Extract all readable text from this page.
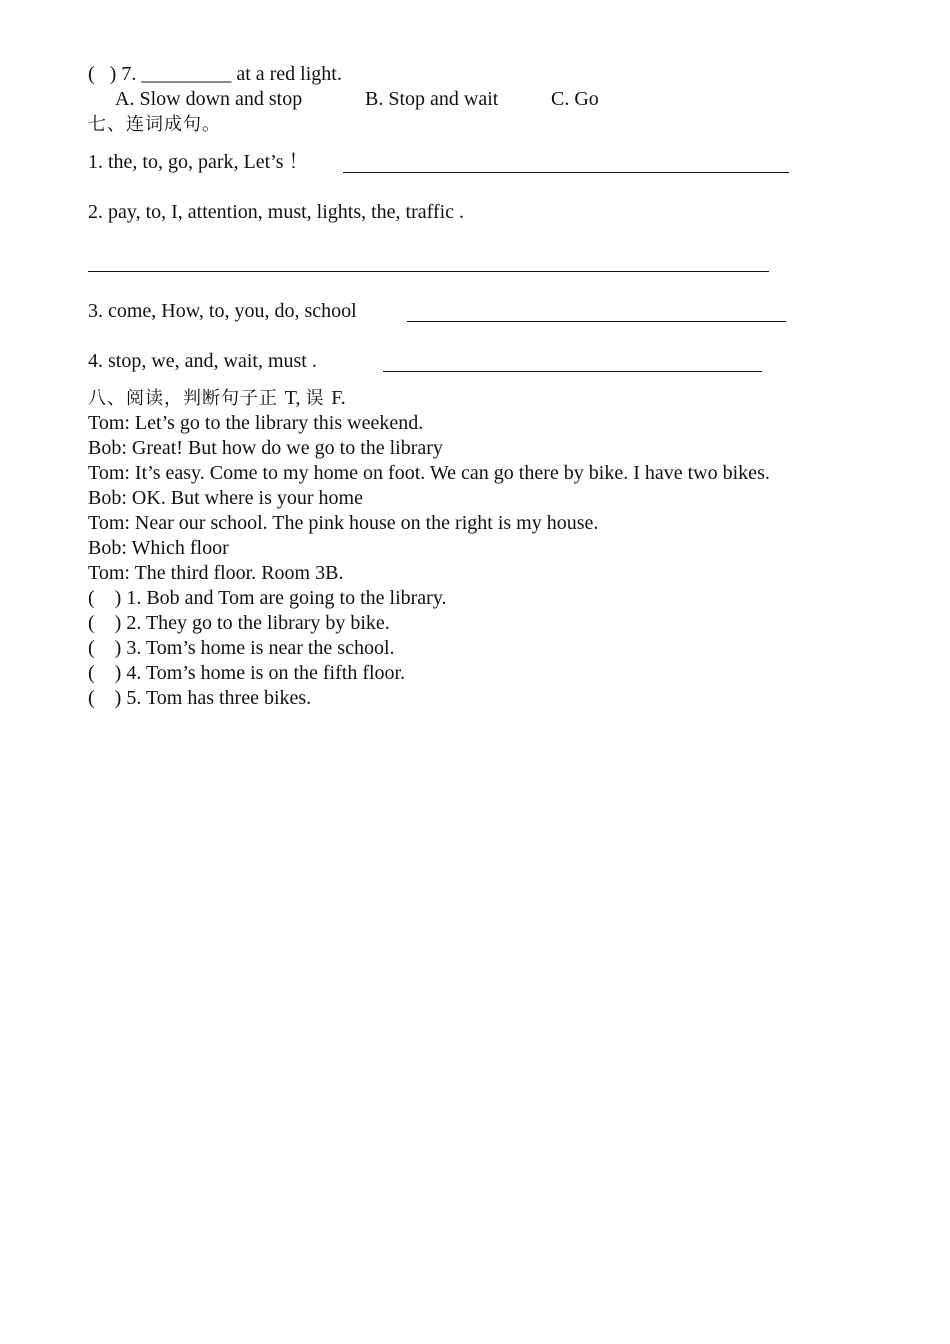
(   ) 7. _________ at a red light.
A. Slow down and stop	B. Stop and wait	C. Go
七、连词成句。
1. the, to, go, park, Let’s ！
2. pay, to, I, attention, must, lights, the, traffic .
3. come, How, to, you, do, school
4. stop, we, and, wait, must .
八、阅读，判断句子正 T, 误 F.
Tom: Let’s go to the library this weekend.
Bob: Great! But how do we go to the library
Tom: It’s easy. Come to my home on foot. We can go there by bike. I have two bikes.
Bob: OK. But where is your home
Tom: Near our school. The pink house on the right is my house.
Bob: Which floor
Tom: The third floor. Room 3B.
(    ) 1. Bob and Tom are going to the library.
(    ) 2. They go to the library by bike.
(    ) 3. Tom’s home is near the school.
(    ) 4. Tom’s home is on the fifth floor.
(    ) 5. Tom has three bikes.
